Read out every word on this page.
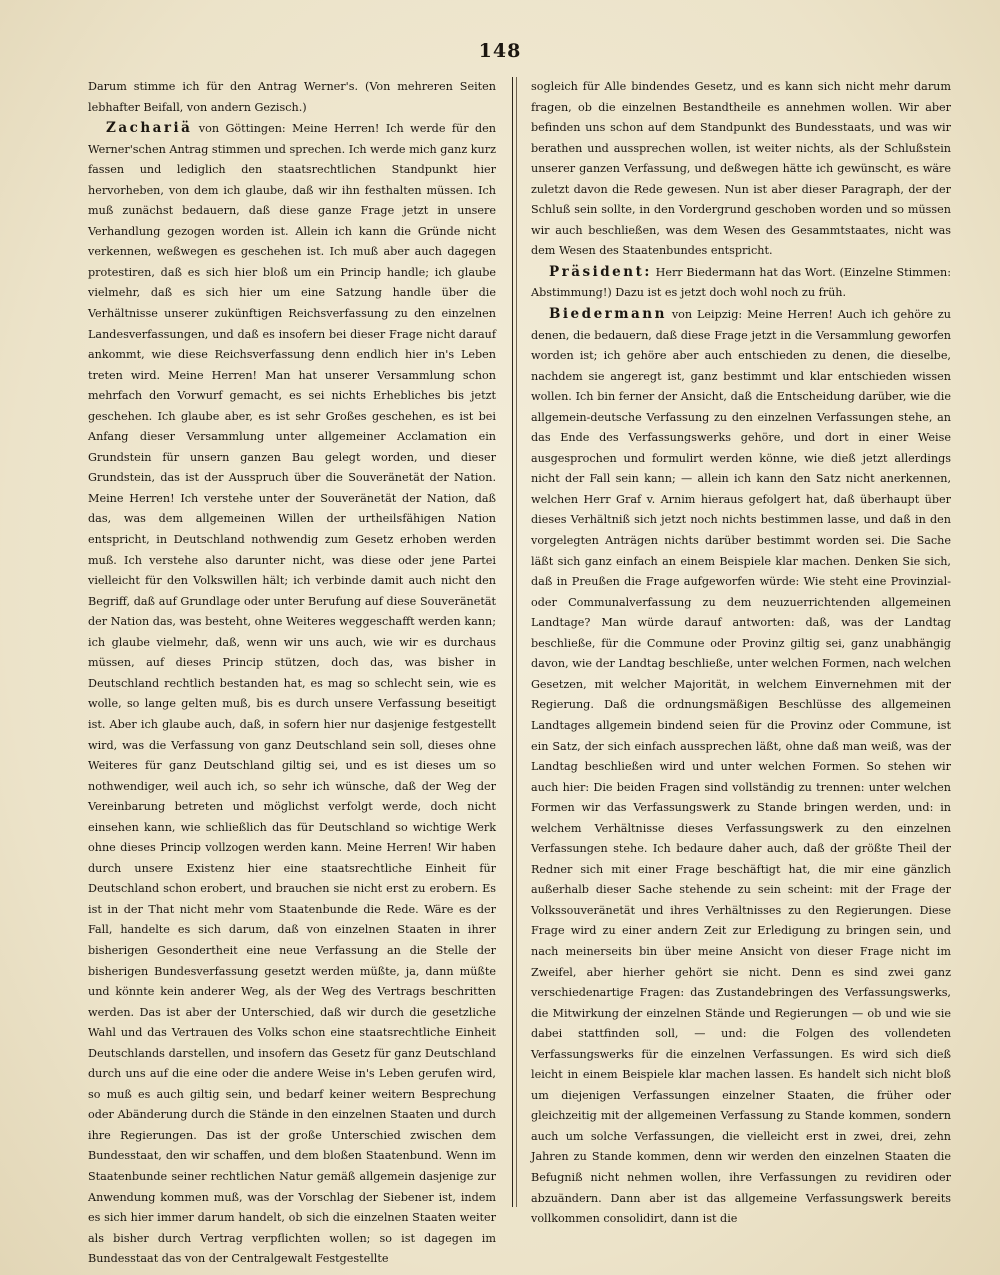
148

Darum stimme ich für den Antrag Werner's. (Von mehreren Seiten lebhafter Beifall, von andern Gezisch.)

Zachariä von Göttingen: Meine Herren! Ich werde für den Werner'schen Antrag stimmen und sprechen. Ich werde mich ganz kurz fassen und lediglich den staatsrechtlichen Standpunkt hier hervorheben, von dem ich glaube, daß wir ihn festhalten müssen. Ich muß zunächst bedauern, daß diese ganze Frage jetzt in unsere Verhandlung gezogen worden ist. Allein ich kann die Gründe nicht verkennen, weßwegen es geschehen ist. Ich muß aber auch dagegen protestiren, daß es sich hier bloß um ein Princip handle; ich glaube vielmehr, daß es sich hier um eine Satzung handle über die Verhältnisse unserer zukünftigen Reichsverfassung zu den einzelnen Landesverfassungen, und daß es insofern bei dieser Frage nicht darauf ankommt, wie diese Reichsverfassung denn endlich hier in's Leben treten wird. Meine Herren! Man hat unserer Versammlung schon mehrfach den Vorwurf gemacht, es sei nichts Erhebliches bis jetzt geschehen. Ich glaube aber, es ist sehr Großes geschehen, es ist bei Anfang dieser Versammlung unter allgemeiner Acclamation ein Grundstein für unsern ganzen Bau gelegt worden, und dieser Grundstein, das ist der Ausspruch über die Souveränetät der Nation. Meine Herren! Ich verstehe unter der Souveränetät der Nation, daß das, was dem allgemeinen Willen der urtheilsfähigen Nation entspricht, in Deutschland nothwendig zum Gesetz erhoben werden muß. Ich verstehe also darunter nicht, was diese oder jene Partei vielleicht für den Volkswillen hält; ich verbinde damit auch nicht den Begriff, daß auf Grundlage oder unter Berufung auf diese Souveränetät der Nation das, was besteht, ohne Weiteres weggeschafft werden kann; ich glaube vielmehr, daß, wenn wir uns auch, wie wir es durchaus müssen, auf dieses Princip stützen, doch das, was bisher in Deutschland rechtlich bestanden hat, es mag so schlecht sein, wie es wolle, so lange gelten muß, bis es durch unsere Verfassung beseitigt ist. Aber ich glaube auch, daß, in sofern hier nur dasjenige festgestellt wird, was die Verfassung von ganz Deutschland sein soll, dieses ohne Weiteres für ganz Deutschland giltig sei, und es ist dieses um so nothwendiger, weil auch ich, so sehr ich wünsche, daß der Weg der Vereinbarung betreten und möglichst verfolgt werde, doch nicht einsehen kann, wie schließlich das für Deutschland so wichtige Werk ohne dieses Princip vollzogen werden kann. Meine Herren! Wir haben durch unsere Existenz hier eine staatsrechtliche Einheit für Deutschland schon erobert, und brauchen sie nicht erst zu erobern. Es ist in der That nicht mehr vom Staatenbunde die Rede. Wäre es der Fall, handelte es sich darum, daß von einzelnen Staaten in ihrer bisherigen Gesondertheit eine neue Verfassung an die Stelle der bisherigen Bundesverfassung gesetzt werden müßte, ja, dann müßte und könnte kein anderer Weg, als der Weg des Vertrags beschritten werden. Das ist aber der Unterschied, daß wir durch die gesetzliche Wahl und das Vertrauen des Volks schon eine staatsrechtliche Einheit Deutschlands darstellen, und insofern das Gesetz für ganz Deutschland durch uns auf die eine oder die andere Weise in's Leben gerufen wird, so muß es auch giltig sein, und bedarf keiner weitern Besprechung oder Abänderung durch die Stände in den einzelnen Staaten und durch ihre Regierungen. Das ist der große Unterschied zwischen dem Bundesstaat, den wir schaffen, und dem bloßen Staatenbund. Wenn im Staatenbunde seiner rechtlichen Natur gemäß allgemein dasjenige zur Anwendung kommen muß, was der Vorschlag der Siebener ist, indem es sich hier immer darum handelt, ob sich die einzelnen Staaten weiter als bisher durch Vertrag verpflichten wollen; so ist dagegen im Bundesstaat das von der Centralgewalt Festgestellte

sogleich für Alle bindendes Gesetz, und es kann sich nicht mehr darum fragen, ob die einzelnen Bestandtheile es annehmen wollen. Wir aber befinden uns schon auf dem Standpunkt des Bundesstaats, und was wir berathen und aussprechen wollen, ist weiter nichts, als der Schlußstein unserer ganzen Verfassung, und deßwegen hätte ich gewünscht, es wäre zuletzt davon die Rede gewesen. Nun ist aber dieser Paragraph, der der Schluß sein sollte, in den Vordergrund geschoben worden und so müssen wir auch beschließen, was dem Wesen des Gesammtstaates, nicht was dem Wesen des Staatenbundes entspricht.

Präsident: Herr Biedermann hat das Wort. (Einzelne Stimmen: Abstimmung!) Dazu ist es jetzt doch wohl noch zu früh.

Biedermann von Leipzig: Meine Herren! Auch ich gehöre zu denen, die bedauern, daß diese Frage jetzt in die Versammlung geworfen worden ist; ich gehöre aber auch entschieden zu denen, die dieselbe, nachdem sie angeregt ist, ganz bestimmt und klar entschieden wissen wollen. Ich bin ferner der Ansicht, daß die Entscheidung darüber, wie die allgemein-deutsche Verfassung zu den einzelnen Verfassungen stehe, an das Ende des Verfassungswerks gehöre, und dort in einer Weise ausgesprochen und formulirt werden könne, wie dieß jetzt allerdings nicht der Fall sein kann; — allein ich kann den Satz nicht anerkennen, welchen Herr Graf v. Arnim hieraus gefolgert hat, daß überhaupt über dieses Verhältniß sich jetzt noch nichts bestimmen lasse, und daß in den vorgelegten Anträgen nichts darüber bestimmt worden sei. Die Sache läßt sich ganz einfach an einem Beispiele klar machen. Denken Sie sich, daß in Preußen die Frage aufgeworfen würde: Wie steht eine Provinzial- oder Communalverfassung zu dem neuzuerrichtenden allgemeinen Landtage? Man würde darauf antworten: daß, was der Landtag beschließe, für die Commune oder Provinz giltig sei, ganz unabhängig davon, wie der Landtag beschließe, unter welchen Formen, nach welchen Gesetzen, mit welcher Majorität, in welchem Einvernehmen mit der Regierung. Daß die ordnungsmäßigen Beschlüsse des allgemeinen Landtages allgemein bindend seien für die Provinz oder Commune, ist ein Satz, der sich einfach aussprechen läßt, ohne daß man weiß, was der Landtag beschließen wird und unter welchen Formen. So stehen wir auch hier: Die beiden Fragen sind vollständig zu trennen: unter welchen Formen wir das Verfassungswerk zu Stande bringen werden, und: in welchem Verhältnisse dieses Verfassungswerk zu den einzelnen Verfassungen stehe. Ich bedaure daher auch, daß der größte Theil der Redner sich mit einer Frage beschäftigt hat, die mir eine gänzlich außerhalb dieser Sache stehende zu sein scheint: mit der Frage der Volkssouveränetät und ihres Verhältnisses zu den Regierungen. Diese Frage wird zu einer andern Zeit zur Erledigung zu bringen sein, und nach meinerseits bin über meine Ansicht von dieser Frage nicht im Zweifel, aber hierher gehört sie nicht. Denn es sind zwei ganz verschiedenartige Fragen: das Zustandebringen des Verfassungswerks, die Mitwirkung der einzelnen Stände und Regierungen — ob und wie sie dabei stattfinden soll, — und: die Folgen des vollendeten Verfassungswerks für die einzelnen Verfassungen. Es wird sich dieß leicht in einem Beispiele klar machen lassen. Es handelt sich nicht bloß um diejenigen Verfassungen einzelner Staaten, die früher oder gleichzeitig mit der allgemeinen Verfassung zu Stande kommen, sondern auch um solche Verfassungen, die vielleicht erst in zwei, drei, zehn Jahren zu Stande kommen, denn wir werden den einzelnen Staaten die Befugniß nicht nehmen wollen, ihre Verfassungen zu revidiren oder abzuändern. Dann aber ist das allgemeine Verfassungswerk bereits vollkommen consolidirt, dann ist die
